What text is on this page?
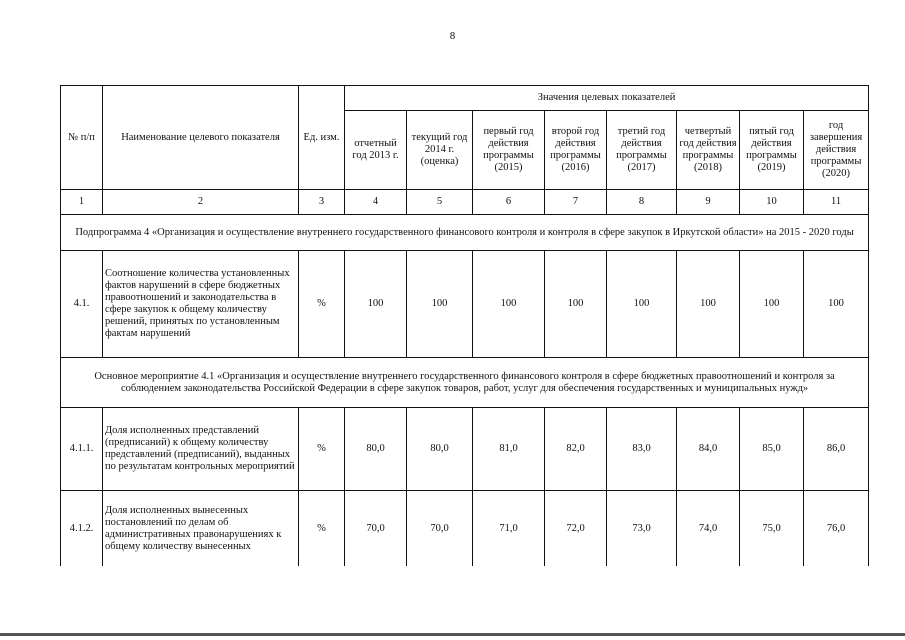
8
№ п/п	Наименование целевого показателя	Ед. изм.	Значения целевых показателей							
			отчетный год 2013 г.	текущий год 2014 г. (оценка)	первый год действия программы (2015)	второй год действия программы (2016)	третий год действия программы (2017)	четвертый год действия программы (2018)	пятый год действия программы (2019)	год завершения действия программы (2020)
1	2	3	4	5	6	7	8	9	10	11
Подпрограмма 4 «Организация и осуществление внутреннего государственного финансового контроля и контроля в сфере закупок в Иркутской области» на 2015 - 2020 годы										
4.1.	Соотношение количества установленных фактов нарушений в сфере бюджетных правоотношений и законодательства в сфере закупок к общему количеству решений, принятых по установленным фактам нарушений	%	100	100	100	100	100	100	100	100
Основное мероприятие 4.1 «Организация и осуществление внутреннего государственного финансового контроля в сфере бюджетных правоотношений и контроля за соблюдением законодательства Российской Федерации в сфере закупок товаров, работ, услуг для обеспечения государственных и муниципальных нужд»										
4.1.1.	Доля исполненных представлений (предписаний) к общему количеству представлений (предписаний), выданных по результатам контрольных мероприятий	%	80,0	80,0	81,0	82,0	83,0	84,0	85,0	86,0
4.1.2.	Доля исполненных вынесенных постановлений по делам об административных правонарушениях к общему количеству вынесенных	%	70,0	70,0	71,0	72,0	73,0	74,0	75,0	76,0
